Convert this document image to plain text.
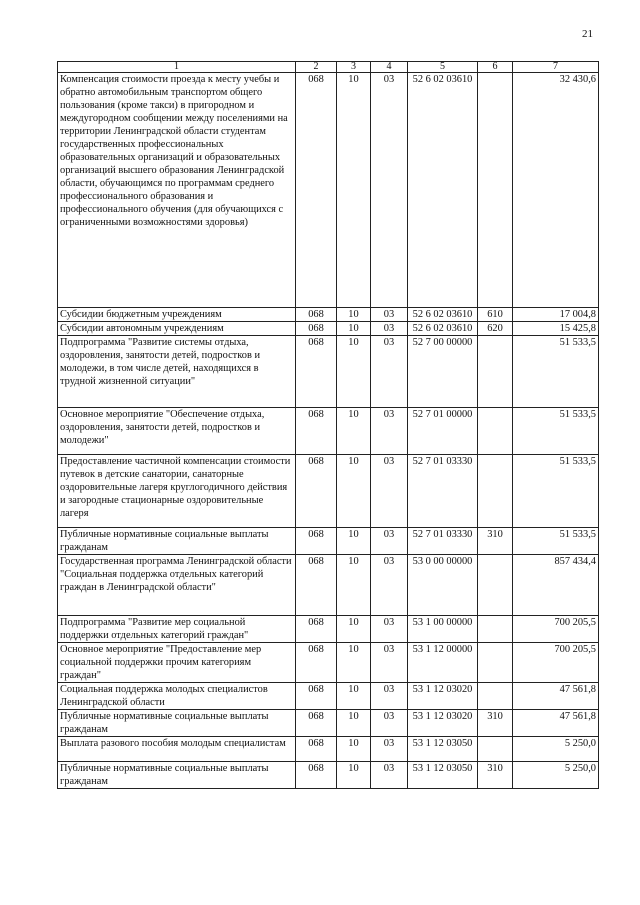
21
1	2	3	4	5	6	7
Компенсация стоимости проезда к месту учебы и обратно автомобильным транспортом общего пользования (кроме такси) в пригородном и междугородном сообщении между поселениями на территории Ленинградской области студентам государственных профессиональных образовательных организаций и образовательных организаций высшего образования Ленинградской области, обучающимся по программам среднего профессионального образования и профессионального обучения (для обучающихся с ограниченными возможностями здоровья)	068	10	03	52 6 02 03610		32 430,6
Субсидии бюджетным учреждениям	068	10	03	52 6 02 03610	610	17 004,8
Субсидии автономным учреждениям	068	10	03	52 6 02 03610	620	15 425,8
Подпрограмма "Развитие системы отдыха, оздоровления, занятости детей, подростков и молодежи, в том числе детей, находящихся в трудной жизненной ситуации"	068	10	03	52 7 00 00000		51 533,5
Основное мероприятие "Обеспечение отдыха, оздоровления, занятости детей, подростков и молодежи"	068	10	03	52 7 01 00000		51 533,5
Предоставление частичной компенсации стоимости путевок в детские санатории, санаторные оздоровительные лагеря круглогодичного действия и загородные стационарные оздоровительные лагеря	068	10	03	52 7 01 03330		51 533,5
Публичные нормативные социальные выплаты гражданам	068	10	03	52 7 01 03330	310	51 533,5
Государственная программа Ленинградской области "Социальная поддержка отдельных категорий граждан в Ленинградской области"	068	10	03	53 0 00 00000		857 434,4
Подпрограмма "Развитие мер социальной поддержки отдельных категорий граждан"	068	10	03	53 1 00 00000		700 205,5
Основное мероприятие "Предоставление мер социальной поддержки прочим категориям граждан"	068	10	03	53 1 12 00000		700 205,5
Социальная поддержка молодых специалистов Ленинградской области	068	10	03	53 1 12 03020		47 561,8
Публичные нормативные социальные выплаты гражданам	068	10	03	53 1 12 03020	310	47 561,8
Выплата разового пособия молодым специалистам	068	10	03	53 1 12 03050		5 250,0
Публичные нормативные социальные выплаты гражданам	068	10	03	53 1 12 03050	310	5 250,0
